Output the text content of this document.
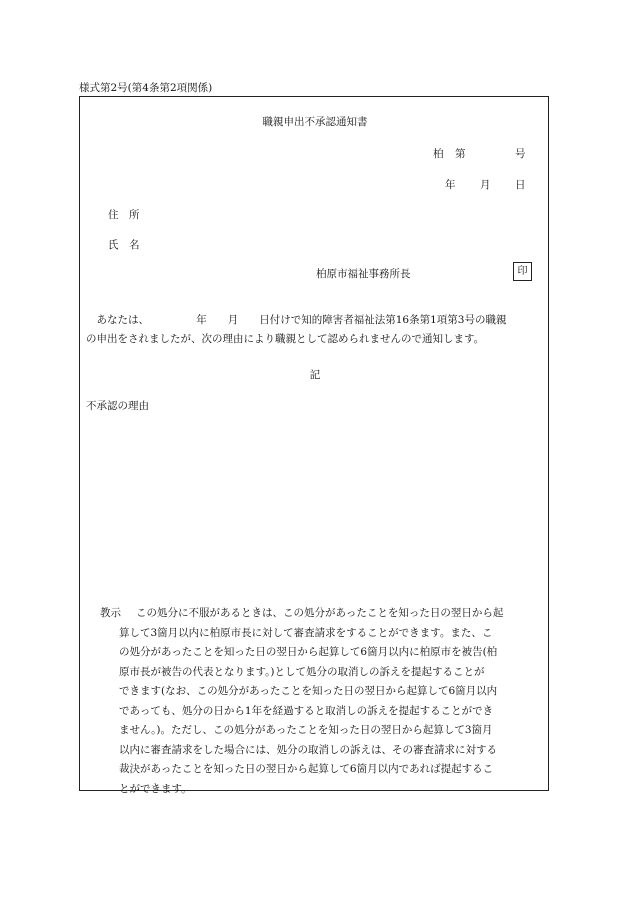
様式第2号(第4条第2項関係)
職親申出不承認通知書
柏 第	号
年 月 日
住　所
氏　名
柏原市福祉事務所長	印
　あなたは、　　　　　年　　月　　日付けで知的障害者福祉法第16条第1項第3号の職親
の申出をされましたが、次の理由により職親として認められませんので通知します。
記
不承認の理由
教示 この処分に不服があるときは、この処分があったことを知った日の翌日から起
算して3箇月以内に柏原市長に対して審査請求をすることができます。また、こ
の処分があったことを知った日の翌日から起算して6箇月以内に柏原市を被告(柏
原市長が被告の代表となります。)として処分の取消しの訴えを提起することが
できます(なお、この処分があったことを知った日の翌日から起算して6箇月以内
であっても、処分の日から1年を経過すると取消しの訴えを提起することができ
ません。)。ただし、この処分があったことを知った日の翌日から起算して3箇月
以内に審査請求をした場合には、処分の取消しの訴えは、その審査請求に対する
裁決があったことを知った日の翌日から起算して6箇月以内であれば提起するこ
とができます。
